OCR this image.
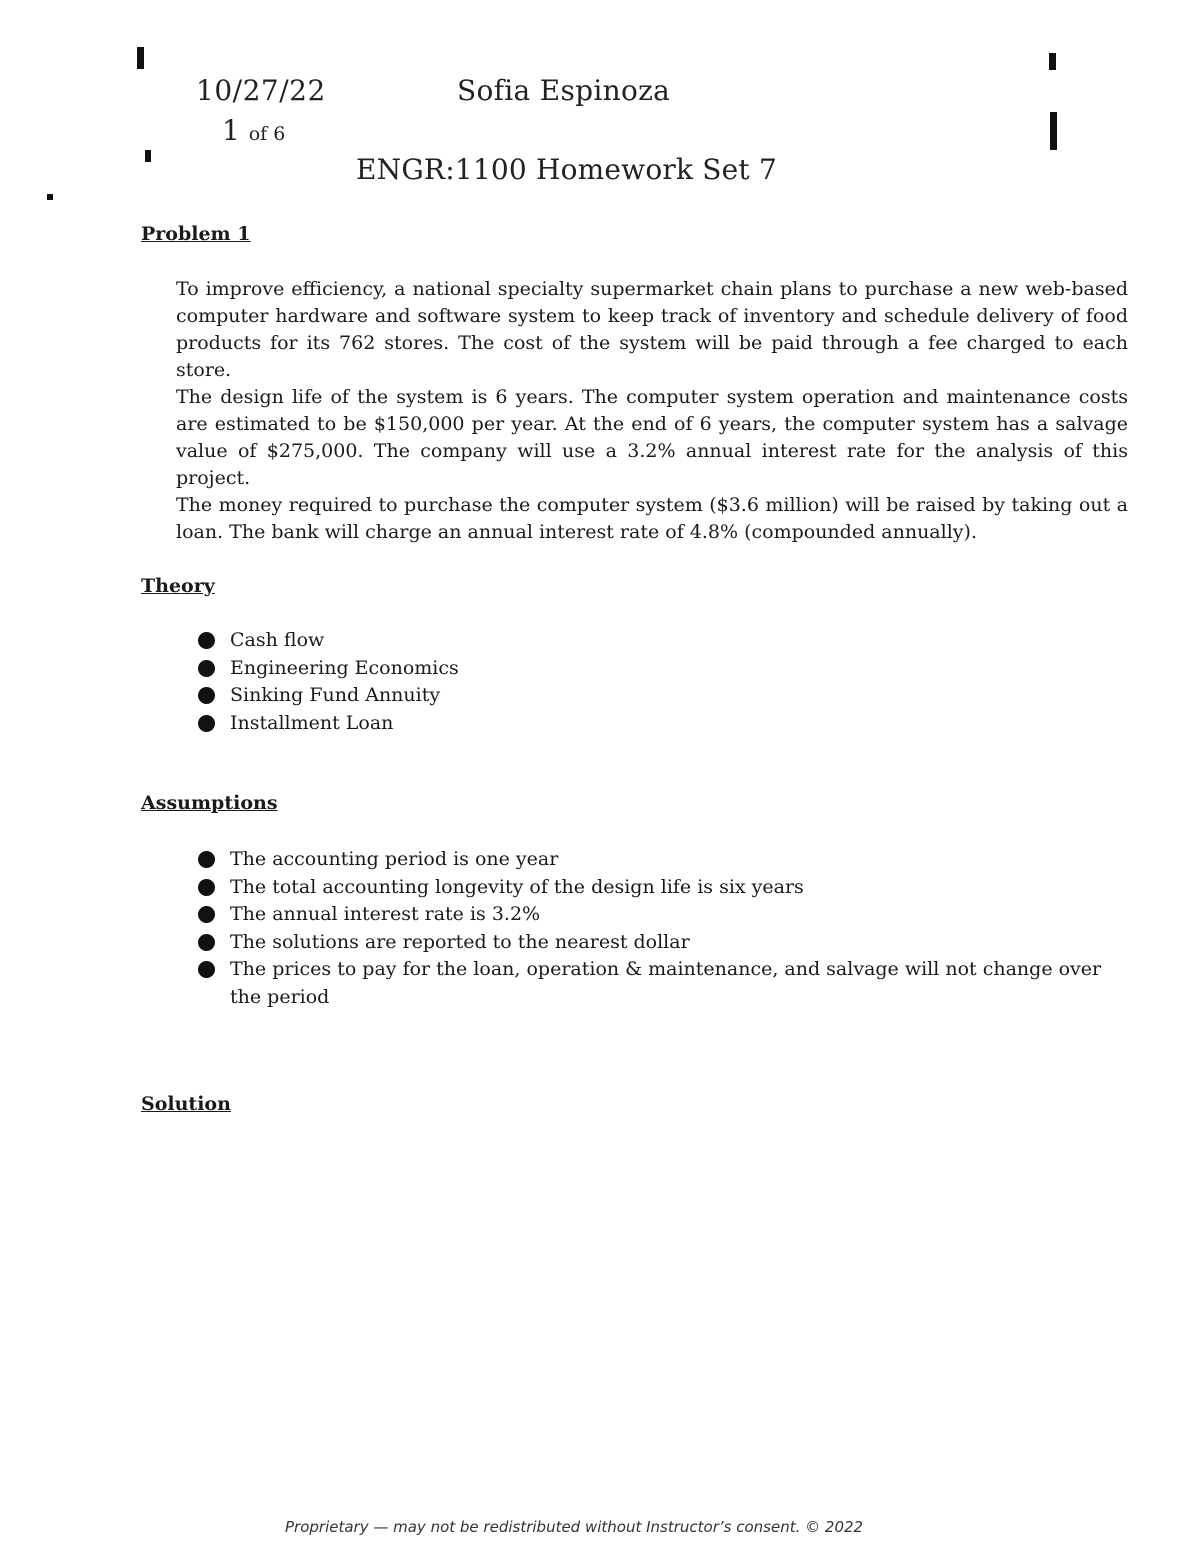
10/27/22	Sofia Espinoza
1 of 6
ENGR:1100 Homework Set 7
Problem 1

To improve efficiency, a national specialty supermarket chain plans to purchase a new web-based computer hardware and software system to keep track of inventory and schedule delivery of food products for its 762 stores. The cost of the system will be paid through a fee charged to each store.

The design life of the system is 6 years. The computer system operation and maintenance costs are estimated to be $150,000 per year. At the end of 6 years, the computer system has a salvage value of $275,000. The company will use a 3.2% annual interest rate for the analysis of this project.

The money required to purchase the computer system ($3.6 million) will be raised by taking out a loan. The bank will charge an annual interest rate of 4.8% (compounded annually).

Theory
Cash flow
Engineering Economics
Sinking Fund Annuity
Installment Loan
Assumptions
The accounting period is one year
The total accounting longevity of the design life is six years
The annual interest rate is 3.2%
The solutions are reported to the nearest dollar
The prices to pay for the loan, operation & maintenance, and salvage will not change over the period
Solution

Proprietary — may not be redistributed without Instructor’s consent. © 2022
